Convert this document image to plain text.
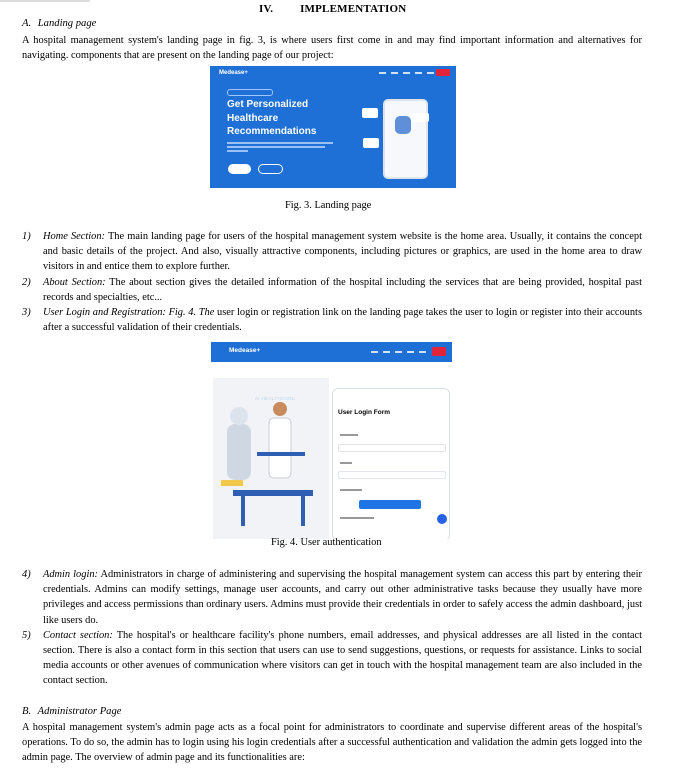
IV. IMPLEMENTATION
A. Landing page

A hospital management system's landing page in fig. 3, is where users first come in and may find important information and alternatives for navigating. components that are present on the landing page of our project:

Medease+
Get Personalized Healthcare Recommendations
Fig. 3. Landing page
1) Home Section: The main landing page for users of the hospital management system website is the home area. Usually, it contains the concept and basic details of the project. And also, visually attractive components, including pictures or graphics, are used in the home area to draw visitors in and entice them to explore further.
2) About Section: The about section gives the detailed information of the hospital including the services that are being provided, hospital past records and specialties, etc...
3) User Login and Registration: Fig. 4. The user login or registration link on the landing page takes the user to login or register into their accounts after a successful validation of their credentials.
Medease+
AI HEALTHCARE
User Login Form
Fig. 4. User authentication
4) Admin login: Administrators in charge of administering and supervising the hospital management system can access this part by entering their credentials. Admins can modify settings, manage user accounts, and carry out other administrative tasks because they usually have more privileges and access permissions than ordinary users. Admins must provide their credentials in order to safely access the admin dashboard, just like users do.
5) Contact section: The hospital's or healthcare facility's phone numbers, email addresses, and physical addresses are all listed in the contact section. There is also a contact form in this section that users can use to send suggestions, questions, or requests for assistance. Links to social media accounts or other avenues of communication where visitors can get in touch with the hospital management team are also included in the contact section.
B. Administrator Page

A hospital management system's admin page acts as a focal point for administrators to coordinate and supervise different areas of the hospital's operations. To do so, the admin has to login using his login credentials after a successful authentication and validation the admin gets logged into the admin page. The overview of admin page and its functionalities are:
